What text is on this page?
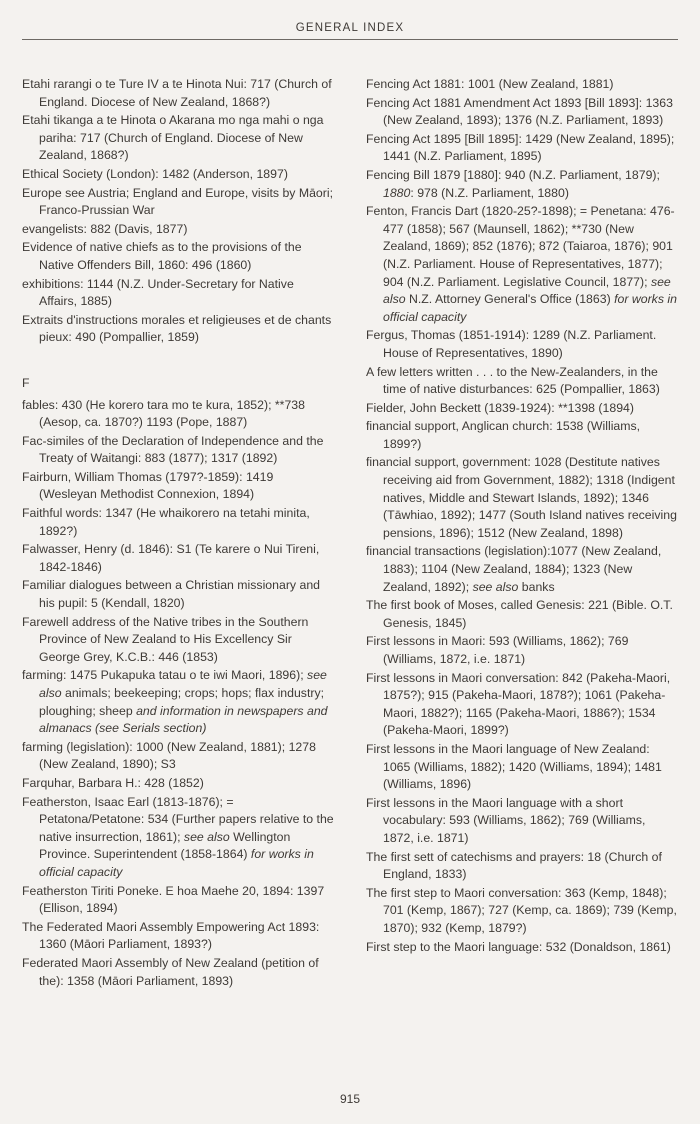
GENERAL INDEX
Etahi rarangi o te Ture IV a te Hinota Nui: 717 (Church of England. Diocese of New Zealand, 1868?)
Etahi tikanga a te Hinota o Akarana mo nga mahi o nga pariha: 717 (Church of England. Diocese of New Zealand, 1868?)
Ethical Society (London): 1482 (Anderson, 1897)
Europe see Austria; England and Europe, visits by Māori; Franco-Prussian War
evangelists: 882 (Davis, 1877)
Evidence of native chiefs as to the provisions of the Native Offenders Bill, 1860: 496 (1860)
exhibitions: 1144 (N.Z. Under-Secretary for Native Affairs, 1885)
Extraits d'instructions morales et religieuses et de chants pieux: 490 (Pompallier, 1859)
F
fables: 430 (He korero tara mo te kura, 1852); **738 (Aesop, ca. 1870?) 1193 (Pope, 1887)
Fac-similes of the Declaration of Independence and the Treaty of Waitangi: 883 (1877); 1317 (1892)
Fairburn, William Thomas (1797?-1859): 1419 (Wesleyan Methodist Connexion, 1894)
Faithful words: 1347 (He whaikorero na tetahi minita, 1892?)
Falwasser, Henry (d. 1846): S1 (Te karere o Nui Tireni, 1842-1846)
Familiar dialogues between a Christian missionary and his pupil: 5 (Kendall, 1820)
Farewell address of the Native tribes in the Southern Province of New Zealand to His Excellency Sir George Grey, K.C.B.: 446 (1853)
farming: 1475 Pukapuka tatau o te iwi Maori, 1896); see also animals; beekeeping; crops; hops; flax industry; ploughing; sheep and information in newspapers and almanacs (see Serials section)
farming (legislation): 1000 (New Zealand, 1881); 1278 (New Zealand, 1890); S3
Farquhar, Barbara H.: 428 (1852)
Featherston, Isaac Earl (1813-1876); = Petatona/Petatone: 534 (Further papers relative to the native insurrection, 1861); see also Wellington Province. Superintendent (1858-1864) for works in official capacity
Featherston Tiriti Poneke. E hoa Maehe 20, 1894: 1397 (Ellison, 1894)
The Federated Maori Assembly Empowering Act 1893: 1360 (Māori Parliament, 1893?)
Federated Maori Assembly of New Zealand (petition of the): 1358 (Māori Parliament, 1893)
Fencing Act 1881: 1001 (New Zealand, 1881)
Fencing Act 1881 Amendment Act 1893 [Bill 1893]: 1363 (New Zealand, 1893); 1376 (N.Z. Parliament, 1893)
Fencing Act 1895 [Bill 1895]: 1429 (New Zealand, 1895); 1441 (N.Z. Parliament, 1895)
Fencing Bill 1879 [1880]: 940 (N.Z. Parliament, 1879); 1880: 978 (N.Z. Parliament, 1880)
Fenton, Francis Dart (1820-25?-1898); = Penetana: 476-477 (1858); 567 (Maunsell, 1862); **730 (New Zealand, 1869); 852 (1876); 872 (Taiaroa, 1876); 901 (N.Z. Parliament. House of Representatives, 1877); 904 (N.Z. Parliament. Legislative Council, 1877); see also N.Z. Attorney General's Office (1863) for works in official capacity
Fergus, Thomas (1851-1914): 1289 (N.Z. Parliament. House of Representatives, 1890)
A few letters written . . . to the New-Zealanders, in the time of native disturbances: 625 (Pompallier, 1863)
Fielder, John Beckett (1839-1924): **1398 (1894)
financial support, Anglican church: 1538 (Williams, 1899?)
financial support, government: 1028 (Destitute natives receiving aid from Government, 1882); 1318 (Indigent natives, Middle and Stewart Islands, 1892); 1346 (Tāwhiao, 1892); 1477 (South Island natives receiving pensions, 1896); 1512 (New Zealand, 1898)
financial transactions (legislation):1077 (New Zealand, 1883); 1104 (New Zealand, 1884); 1323 (New Zealand, 1892); see also banks
The first book of Moses, called Genesis: 221 (Bible. O.T. Genesis, 1845)
First lessons in Maori: 593 (Williams, 1862); 769 (Williams, 1872, i.e. 1871)
First lessons in Maori conversation: 842 (Pakeha-Maori, 1875?); 915 (Pakeha-Maori, 1878?); 1061 (Pakeha-Maori, 1882?); 1165 (Pakeha-Maori, 1886?); 1534 (Pakeha-Maori, 1899?)
First lessons in the Maori language of New Zealand: 1065 (Williams, 1882); 1420 (Williams, 1894); 1481 (Williams, 1896)
First lessons in the Maori language with a short vocabulary: 593 (Williams, 1862); 769 (Williams, 1872, i.e. 1871)
The first sett of catechisms and prayers: 18 (Church of England, 1833)
The first step to Maori conversation: 363 (Kemp, 1848); 701 (Kemp, 1867); 727 (Kemp, ca. 1869); 739 (Kemp, 1870); 932 (Kemp, 1879?)
First step to the Maori language: 532 (Donaldson, 1861)
915
